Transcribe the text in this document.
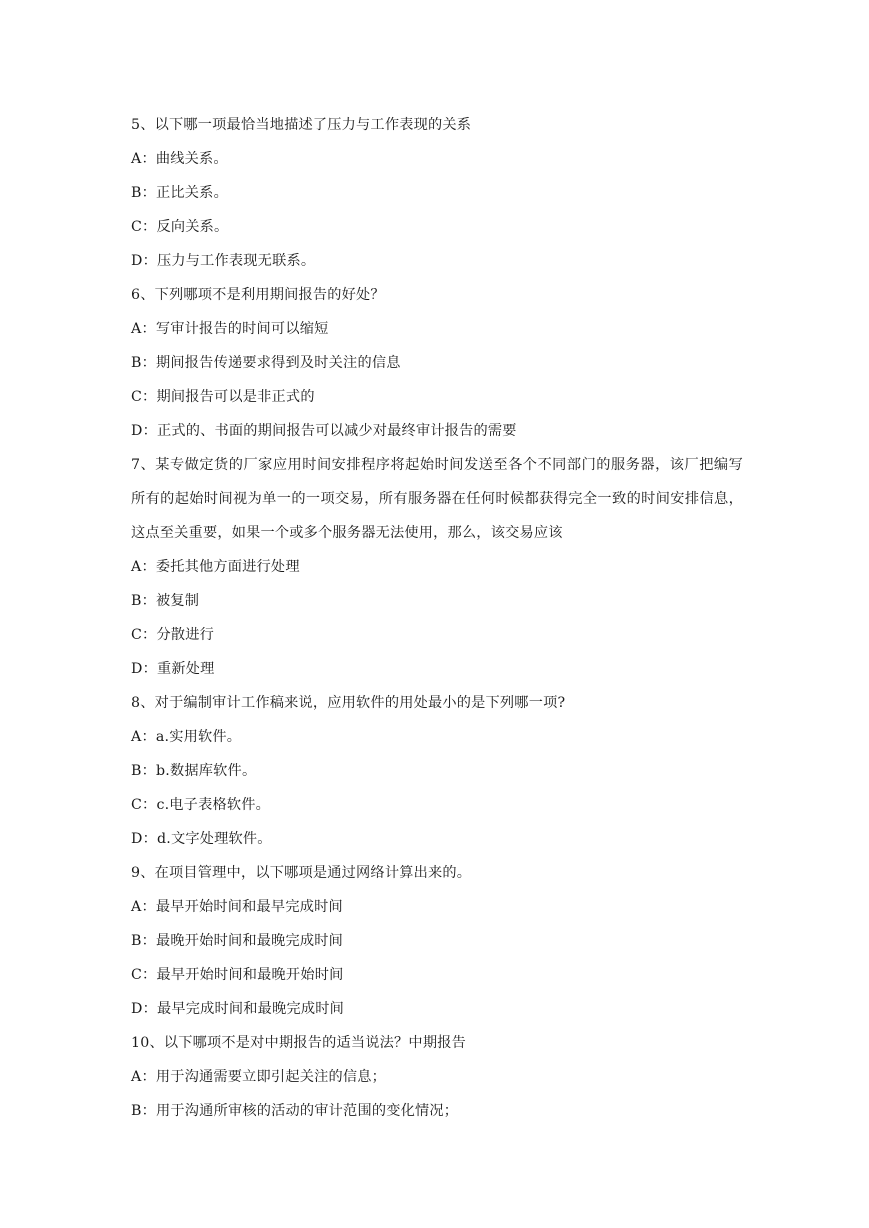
5、以下哪一项最恰当地描述了压力与工作表现的关系
A：曲线关系。
B：正比关系。
C：反向关系。
D：压力与工作表现无联系。
6、下列哪项不是利用期间报告的好处？
A：写审计报告的时间可以缩短
B：期间报告传递要求得到及时关注的信息
C：期间报告可以是非正式的
D：正式的、书面的期间报告可以减少对最终审计报告的需要
7、某专做定货的厂家应用时间安排程序将起始时间发送至各个不同部门的服务器，该厂把编写所有的起始时间视为单一的一项交易，所有服务器在任何时候都获得完全一致的时间安排信息，这点至关重要，如果一个或多个服务器无法使用，那么，该交易应该
A：委托其他方面进行处理
B：被复制
C：分散进行
D：重新处理
8、对于编制审计工作稿来说，应用软件的用处最小的是下列哪一项?
A：a.实用软件。
B：b.数据库软件。
C：c.电子表格软件。
D：d.文字处理软件。
9、在项目管理中，以下哪项是通过网络计算出来的。
A：最早开始时间和最早完成时间
B：最晚开始时间和最晚完成时间
C：最早开始时间和最晚开始时间
D：最早完成时间和最晚完成时间
10、以下哪项不是对中期报告的适当说法？中期报告
A：用于沟通需要立即引起关注的信息；
B：用于沟通所审核的活动的审计范围的变化情况；
